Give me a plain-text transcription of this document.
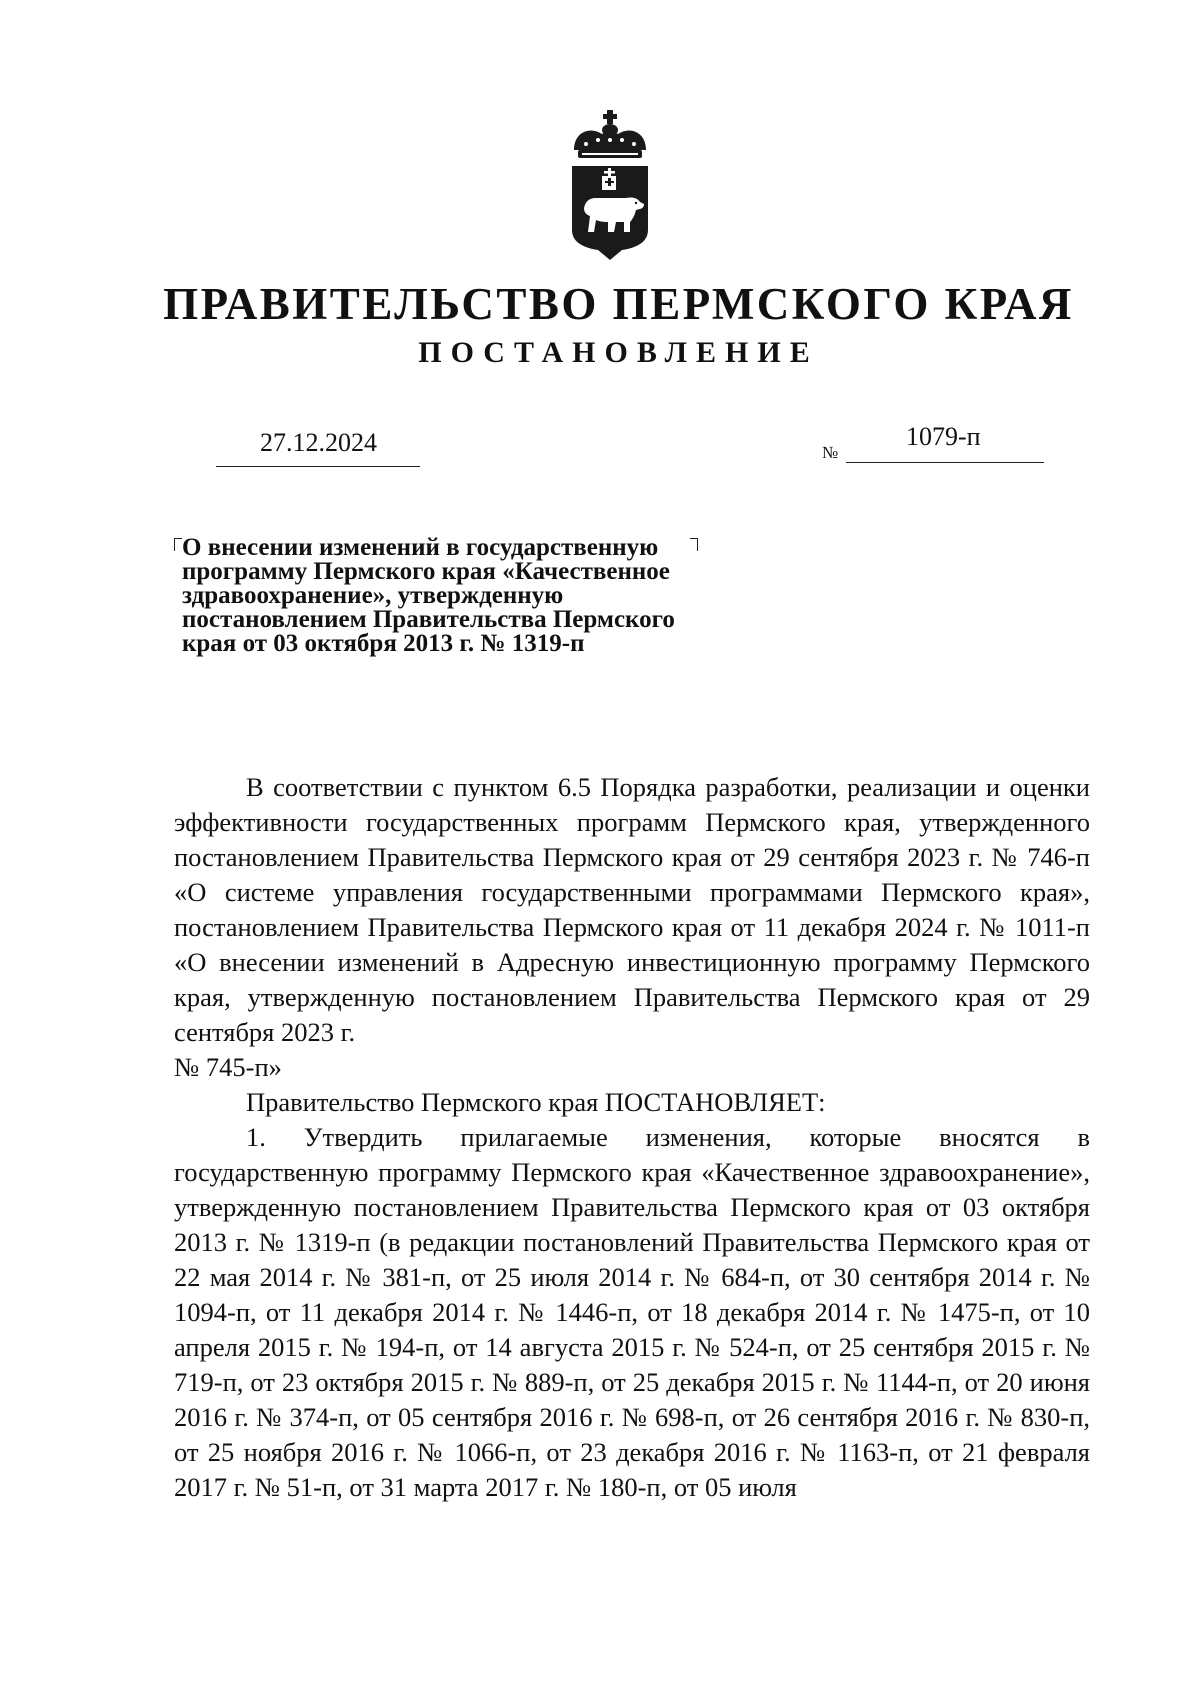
ПРАВИТЕЛЬСТВО ПЕРМСКОГО КРАЯ
ПОСТАНОВЛЕНИЕ
27.12.2024	№
1079-п
О внесении изменений в государственную
программу Пермского края «Качественное
здравоохранение», утвержденную
постановлением Правительства Пермского
края от 03 октября 2013 г. № 1319-п

В соответствии с пунктом 6.5 Порядка разработки, реализации и оценки эффективности государственных программ Пермского края, утвержденного постановлением Правительства Пермского края от 29 сентября 2023 г. № 746-п «О системе управления государственными программами Пермского края», постановлением Правительства Пермского края от 11 декабря 2024 г. № 1011-п «О внесении изменений в Адресную инвестиционную программу Пермского края, утвержденную постановлением Правительства Пермского края от 29 сентября 2023 г.

№ 745-п»

Правительство Пермского края ПОСТАНОВЛЯЕТ:

1. Утвердить прилагаемые изменения, которые вносятся в государственную программу Пермского края «Качественное здравоохранение», утвержденную постановлением Правительства Пермского края от 03 октября 2013 г. № 1319-п (в редакции постановлений Правительства Пермского края от 22 мая 2014 г. № 381-п, от 25 июля 2014 г. № 684-п, от 30 сентября 2014 г. № 1094-п, от 11 декабря 2014 г. № 1446-п, от 18 декабря 2014 г. № 1475-п, от 10 апреля 2015 г. № 194-п, от 14 августа 2015 г. № 524-п, от 25 сентября 2015 г. № 719-п, от 23 октября 2015 г. № 889-п, от 25 декабря 2015 г. № 1144-п, от 20 июня 2016 г. № 374-п, от 05 сентября 2016 г. № 698-п, от 26 сентября 2016 г. № 830-п, от 25 ноября 2016 г. № 1066-п, от 23 декабря 2016 г. № 1163-п, от 21 февраля 2017 г. № 51-п, от 31 марта 2017 г. № 180-п, от 05 июля
